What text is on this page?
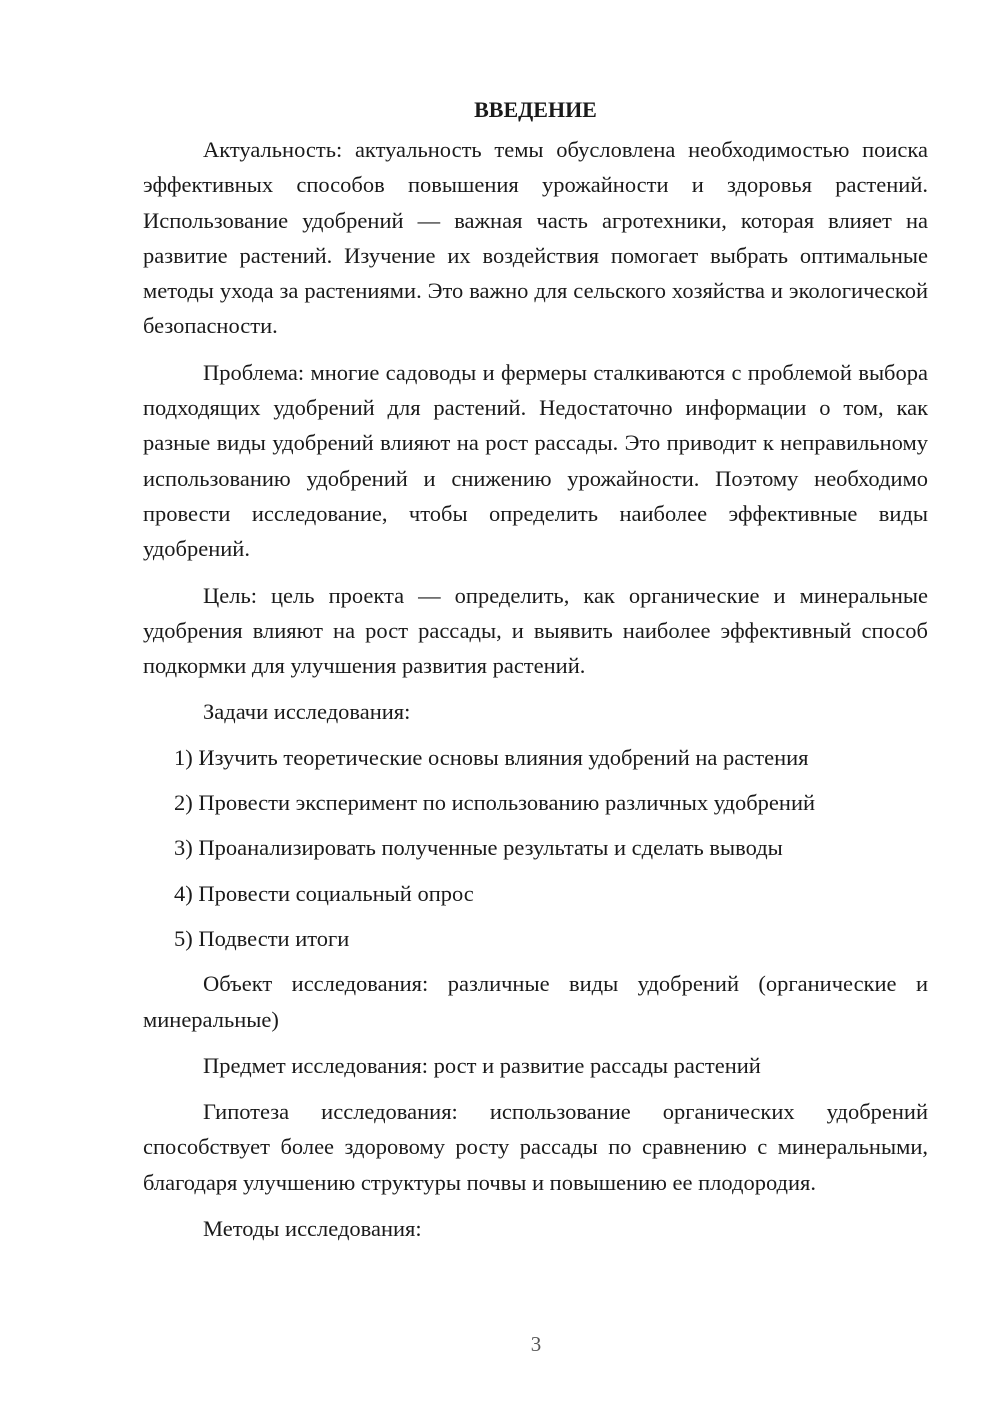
ВВЕДЕНИЕ

Актуальность: актуальность темы обусловлена необходимостью поиска эффективных способов повышения урожайности и здоровья растений. Использование удобрений — важная часть агротехники, которая влияет на развитие растений. Изучение их воздействия помогает выбрать оптимальные методы ухода за растениями. Это важно для сельского хозяйства и экологической безопасности.

Проблема: многие садоводы и фермеры сталкиваются с проблемой выбора подходящих удобрений для растений. Недостаточно информации о том, как разные виды удобрений влияют на рост рассады. Это приводит к неправильному использованию удобрений и снижению урожайности. Поэтому необходимо провести исследование, чтобы определить наиболее эффективные виды удобрений.

Цель: цель проекта — определить, как органические и минеральные удобрения влияют на рост рассады, и выявить наиболее эффективный способ подкормки для улучшения развития растений.

Задачи исследования:

1) Изучить теоретические основы влияния удобрений на растения

2) Провести эксперимент по использованию различных удобрений

3) Проанализировать полученные результаты и сделать выводы

4) Провести социальный опрос

5) Подвести итоги

Объект исследования: различные виды удобрений (органические и минеральные)

Предмет исследования: рост и развитие рассады растений

Гипотеза исследования: использование органических удобрений способствует более здоровому росту рассады по сравнению с минеральными, благодаря улучшению структуры почвы и повышению ее плодородия.

Методы исследования:

3
